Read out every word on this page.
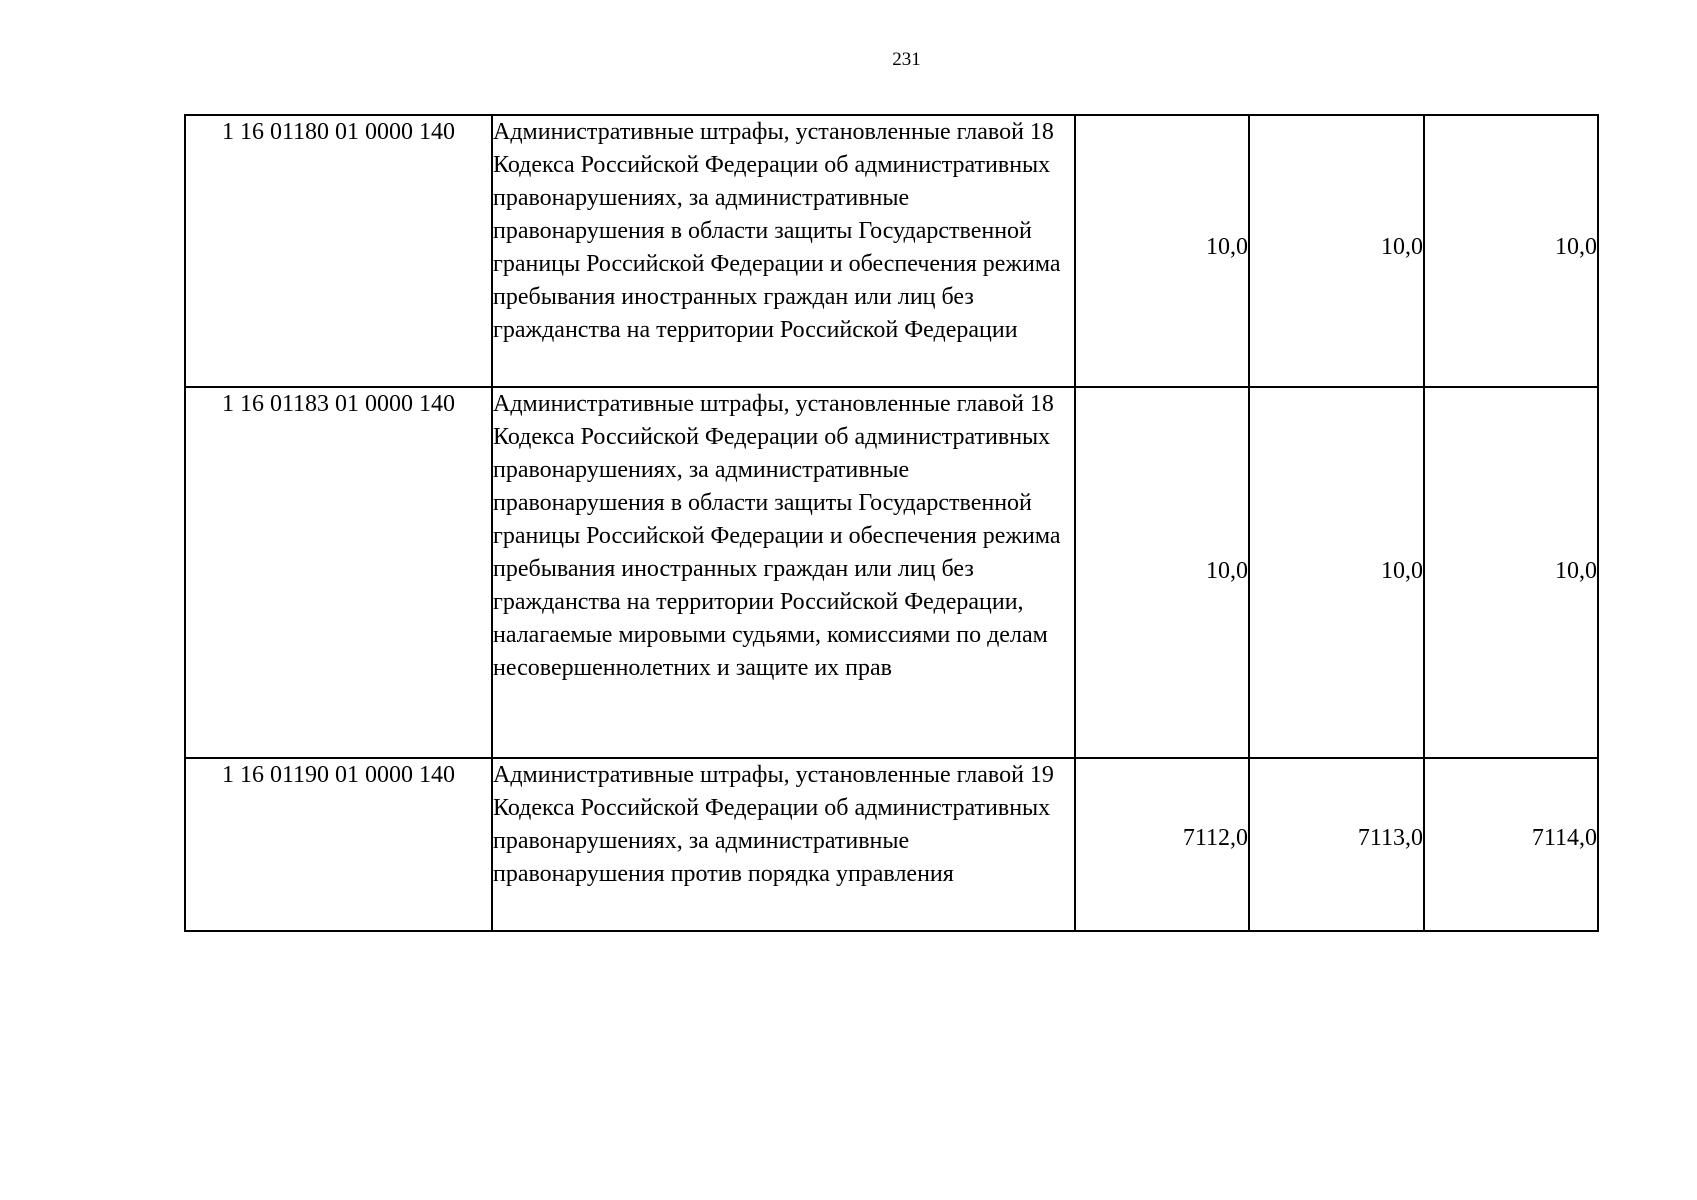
231
1 16 01180 01 0000 140	Административные штрафы, установленные главой 18 Кодекса Российской Федерации об административных правонарушениях, за административные правонарушения в области защиты Государственной границы Российской Федерации и обеспечения режима пребывания иностранных граждан или лиц без гражданства на территории Российской Федерации	10,0	10,0	10,0
1 16 01183 01 0000 140	Административные штрафы, установленные главой 18 Кодекса Российской Федерации об административных правонарушениях, за административные правонарушения в области защиты Государственной границы Российской Федерации и обеспечения режима пребывания иностранных граждан или лиц без гражданства на территории Российской Федерации, налагаемые мировыми судьями, комиссиями по делам несовершеннолетних и защите их прав	10,0	10,0	10,0
1 16 01190 01 0000 140	Административные штрафы, установленные главой 19 Кодекса Российской Федерации об административных правонарушениях, за административные правонарушения против порядка управления	7112,0	7113,0	7114,0
